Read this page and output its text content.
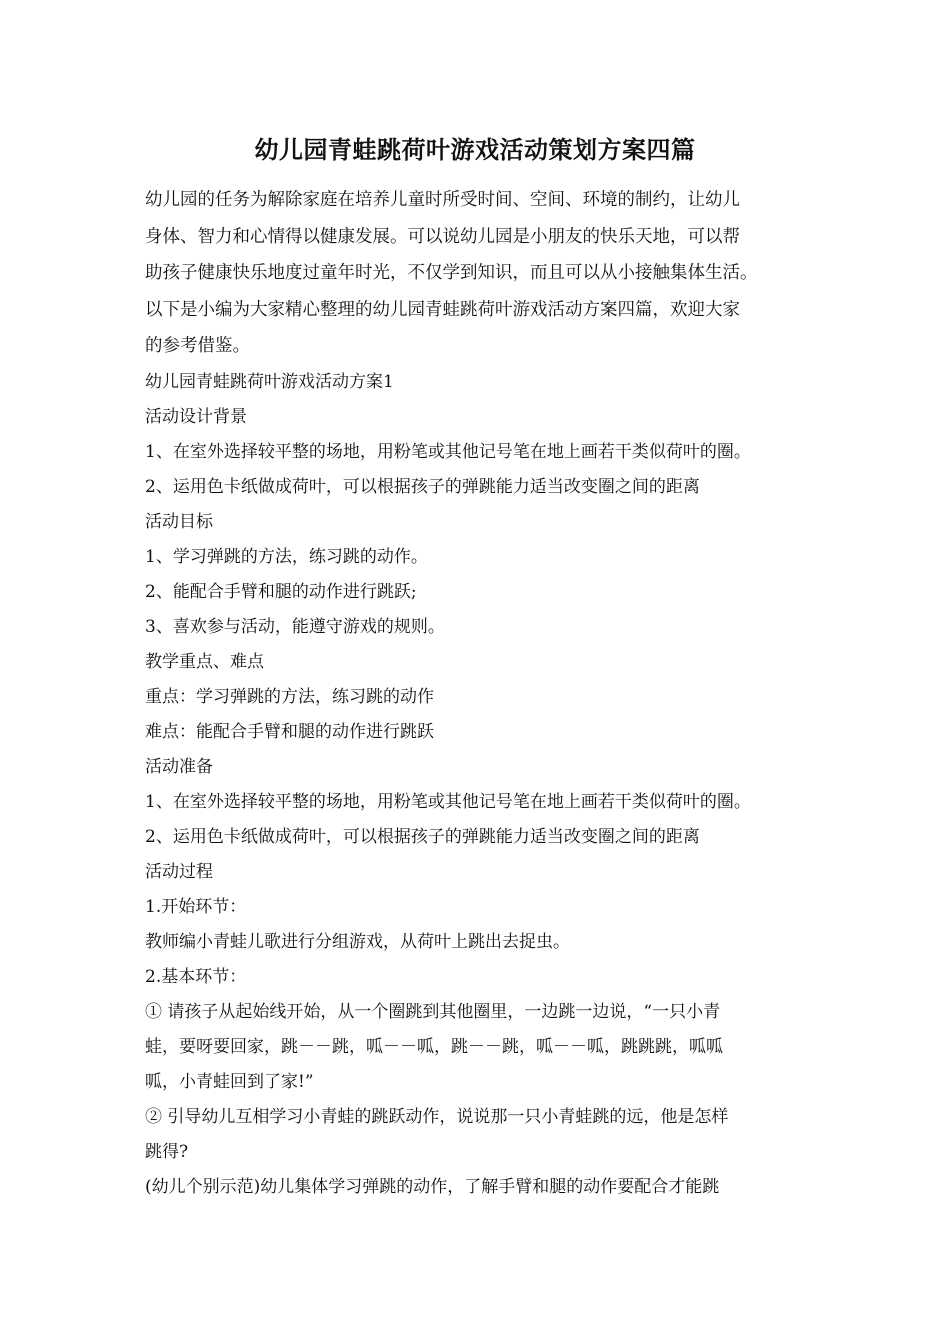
幼儿园青蛙跳荷叶游戏活动策划方案四篇
幼儿园的任务为解除家庭在培养儿童时所受时间、空间、环境的制约，让幼儿
身体、智力和心情得以健康发展。可以说幼儿园是小朋友的快乐天地，可以帮
助孩子健康快乐地度过童年时光，不仅学到知识，而且可以从小接触集体生活。
以下是小编为大家精心整理的幼儿园青蛙跳荷叶游戏活动方案四篇，欢迎大家
的参考借鉴。
幼儿园青蛙跳荷叶游戏活动方案1
活动设计背景
1、在室外选择较平整的场地，用粉笔或其他记号笔在地上画若干类似荷叶的圈。
2、运用色卡纸做成荷叶，可以根据孩子的弹跳能力适当改变圈之间的距离
活动目标
1、学习弹跳的方法，练习跳的动作。
2、能配合手臂和腿的动作进行跳跃;
3、喜欢参与活动，能遵守游戏的规则。
教学重点、难点
重点：学习弹跳的方法，练习跳的动作
难点：能配合手臂和腿的动作进行跳跃
活动准备
1、在室外选择较平整的场地，用粉笔或其他记号笔在地上画若干类似荷叶的圈。
2、运用色卡纸做成荷叶，可以根据孩子的弹跳能力适当改变圈之间的距离
活动过程
1.开始环节：
教师编小青蛙儿歌进行分组游戏，从荷叶上跳出去捉虫。
2.基本环节：
① 请孩子从起始线开始，从一个圈跳到其他圈里，一边跳一边说，“一只小青
蛙，要呀要回家，跳－－跳，呱－－呱，跳－－跳，呱－－呱，跳跳跳，呱呱
呱，小青蛙回到了家!”
② 引导幼儿互相学习小青蛙的跳跃动作，说说那一只小青蛙跳的远，他是怎样
跳得?
(幼儿个别示范)幼儿集体学习弹跳的动作，了解手臂和腿的动作要配合才能跳
